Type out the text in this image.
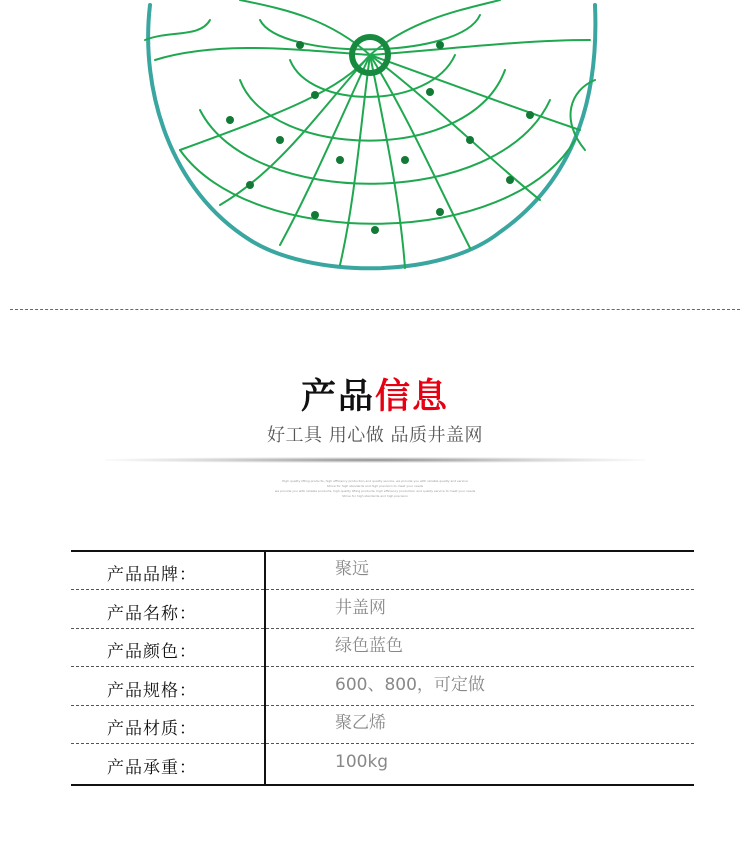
产品信息
好工具 用心做 品质井盖网
High quality lifting products, high efficiency production and quality service, we provide you with reliable quality and service
Strive for high standards and high precision to meet your needs
we provide you with reliable products, high quality lifting products, high efficiency production and quality service to meet your needs
Strive for high standards and high precision
产品品牌：	聚远
产品名称：	井盖网
产品颜色：	绿色蓝色
产品规格：	600、800，可定做
产品材质：	聚乙烯
产品承重：	100kg
